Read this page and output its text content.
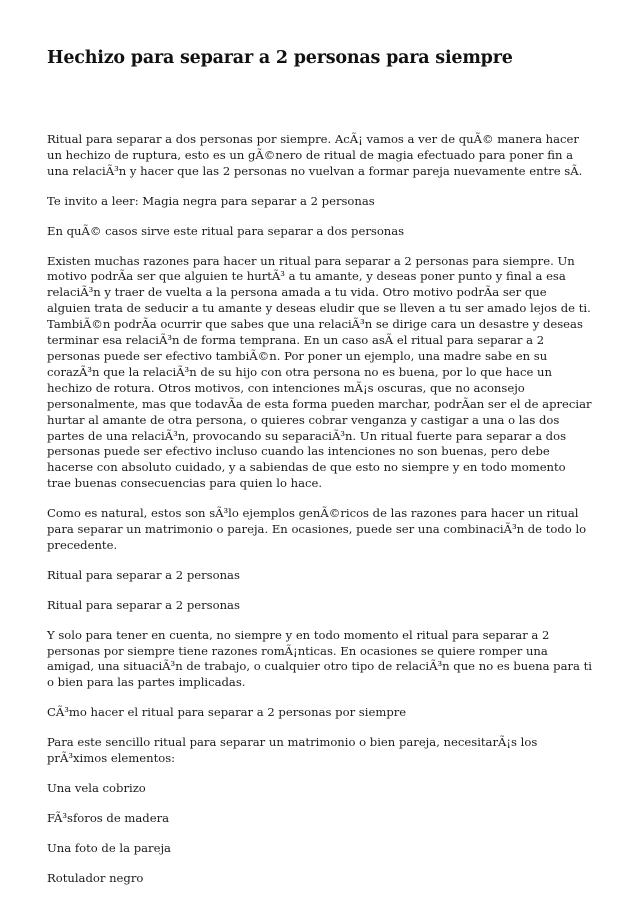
Hechizo para separar a 2 personas para siempre

Ritual para separar a dos personas por siempre. AcÃ¡ vamos a ver de quÃ© manera hacer un hechizo de ruptura, esto es un gÃ©nero de ritual de magia efectuado para poner fin a una relaciÃ³n y hacer que las 2 personas no vuelvan a formar pareja nuevamente entre sÃ.

Te invito a leer: Magia negra para separar a 2 personas

En quÃ© casos sirve este ritual para separar a dos personas

Existen muchas razones para hacer un ritual para separar a 2 personas para siempre. Un motivo podrÃa ser que alguien te hurtÃ³ a tu amante, y deseas poner punto y final a esa relaciÃ³n y traer de vuelta a la persona amada a tu vida. Otro motivo podrÃa ser que alguien trata de seducir a tu amante y deseas eludir que se lleven a tu ser amado lejos de ti. TambiÃ©n podrÃa ocurrir que sabes que una relaciÃ³n se dirige cara un desastre y deseas terminar esa relaciÃ³n de forma temprana. En un caso asÃ el ritual para separar a 2 personas puede ser efectivo tambiÃ©n. Por poner un ejemplo, una madre sabe en su corazÃ³n que la relaciÃ³n de su hijo con otra persona no es buena, por lo que hace un hechizo de rotura. Otros motivos, con intenciones mÃ¡s oscuras, que no aconsejo personalmente, mas que todavÃa de esta forma pueden marchar, podrÃan ser el de apreciar hurtar al amante de otra persona, o quieres cobrar venganza y castigar a una o las dos partes de una relaciÃ³n, provocando su separaciÃ³n. Un ritual fuerte para separar a dos personas puede ser efectivo incluso cuando las intenciones no son buenas, pero debe hacerse con absoluto cuidado, y a sabiendas de que esto no siempre y en todo momento trae buenas consecuencias para quien lo hace.

Como es natural, estos son sÃ³lo ejemplos genÃ©ricos de las razones para hacer un ritual para separar un matrimonio o pareja. En ocasiones, puede ser una combinaciÃ³n de todo lo precedente.

Ritual para separar a 2 personas

Ritual para separar a 2 personas

Y solo para tener en cuenta, no siempre y en todo momento el ritual para separar a 2 personas por siempre tiene razones romÃ¡nticas. En ocasiones se quiere romper una amigad, una situaciÃ³n de trabajo, o cualquier otro tipo de relaciÃ³n que no es buena para ti o bien para las partes implicadas.

CÃ³mo hacer el ritual para separar a 2 personas por siempre

Para este sencillo ritual para separar un matrimonio o bien pareja, necesitarÃ¡s los prÃ³ximos elementos:

Una vela cobrizo

FÃ³sforos de madera

Una foto de la pareja

Rotulador negro
